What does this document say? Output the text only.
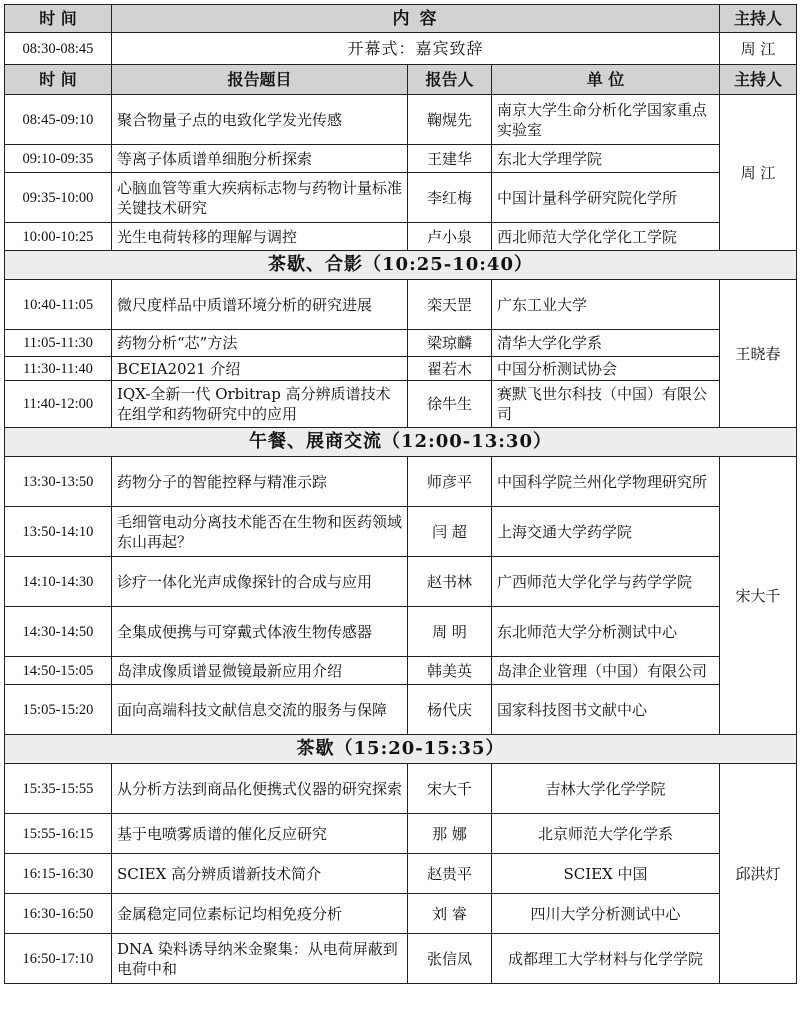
时 间	内 容			主持人
08:30-08:45	开幕式：嘉宾致辞			周 江
时 间	报告题目	报告人	单 位	主持人
08:45-09:10	聚合物量子点的电致化学发光传感	鞠熀先	南京大学生命分析化学国家重点实验室	周 江
09:10-09:35	等离子体质谱单细胞分析探索	王建华	东北大学理学院	
09:35-10:00	心脑血管等重大疾病标志物与药物计量标准关键技术研究	李红梅	中国计量科学研究院化学所	
10:00-10:25	光生电荷转移的理解与调控	卢小泉	西北师范大学化学化工学院	
茶歇、合影（10:25-10:40）				
10:40-11:05	微尺度样品中质谱环境分析的研究进展	栾天罡	广东工业大学	王晓春
11:05-11:30	药物分析“芯”方法	梁琼麟	清华大学化学系	
11:30-11:40	BCEIA2021 介绍	翟若木	中国分析测试协会	
11:40-12:00	IQX-全新一代 Orbitrap 高分辨质谱技术在组学和药物研究中的应用	徐牛生	赛默飞世尔科技（中国）有限公司	
午餐、展商交流（12:00-13:30）				
13:30-13:50	药物分子的智能控释与精准示踪	师彦平	中国科学院兰州化学物理研究所	宋大千
13:50-14:10	毛细管电动分离技术能否在生物和医药领域东山再起？	闫 超	上海交通大学药学院	
14:10-14:30	诊疗一体化光声成像探针的合成与应用	赵书林	广西师范大学化学与药学学院	
14:30-14:50	全集成便携与可穿戴式体液生物传感器	周 明	东北师范大学分析测试中心	
14:50-15:05	岛津成像质谱显微镜最新应用介绍	韩美英	岛津企业管理（中国）有限公司	
15:05-15:20	面向高端科技文献信息交流的服务与保障	杨代庆	国家科技图书文献中心	
茶歇（15:20-15:35）				
15:35-15:55	从分析方法到商品化便携式仪器的研究探索	宋大千	吉林大学化学学院	邱洪灯
15:55-16:15	基于电喷雾质谱的催化反应研究	那 娜	北京师范大学化学系	
16:15-16:30	SCIEX 高分辨质谱新技术简介	赵贵平	SCIEX 中国	
16:30-16:50	金属稳定同位素标记均相免疫分析	刘 睿	四川大学分析测试中心	
16:50-17:10	DNA 染料诱导纳米金聚集：从电荷屏蔽到电荷中和	张信凤	成都理工大学材料与化学学院	
